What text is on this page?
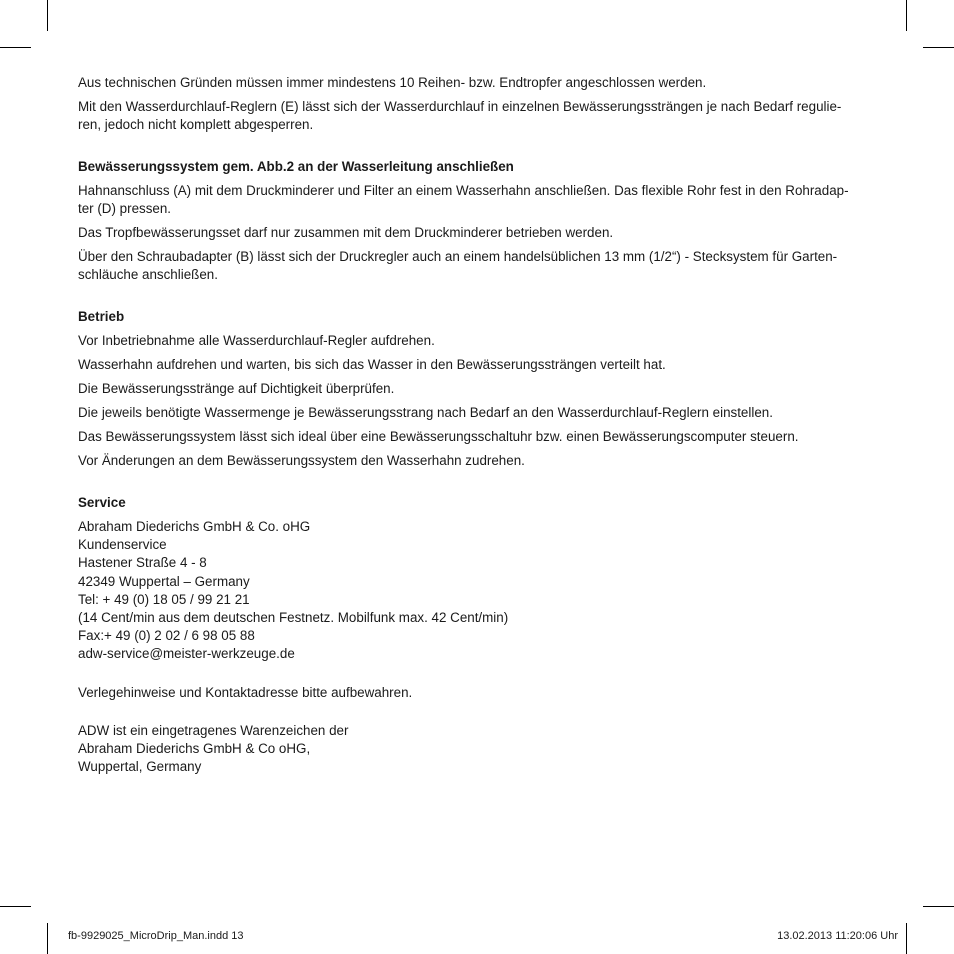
Aus technischen Gründen müssen immer mindestens 10 Reihen- bzw. Endtropfer angeschlossen werden.

Mit den Wasserdurchlauf-Reglern (E) lässt sich der Wasserdurchlauf in einzelnen Bewässerungssträngen je nach Bedarf regulie-
ren, jedoch nicht komplett abgesperren.

Bewässerungssystem gem. Abb.2 an der Wasserleitung anschließen

Hahnanschluss (A) mit dem Druckminderer und Filter an einem Wasserhahn anschließen. Das flexible Rohr fest in den Rohradap-
ter (D) pressen.

Das Tropfbewässerungsset darf nur zusammen mit dem Druckminderer betrieben werden.

Über den Schraubadapter (B) lässt sich der Druckregler auch an einem handelsüblichen 13 mm (1/2“) - Stecksystem für Garten-
schläuche anschließen.

Betrieb

Vor Inbetriebnahme alle Wasserdurchlauf-Regler aufdrehen.

Wasserhahn aufdrehen und warten, bis sich das Wasser in den Bewässerungssträngen verteilt hat.

Die Bewässerungsstränge auf Dichtigkeit überprüfen.

Die jeweils benötigte Wassermenge je Bewässerungsstrang nach Bedarf an den Wasserdurchlauf-Reglern einstellen.

Das Bewässerungssystem lässt sich ideal über eine Bewässerungsschaltuhr bzw. einen Bewässerungscomputer steuern.

Vor Änderungen an dem Bewässerungssystem den Wasserhahn zudrehen.

Service
Abraham Diederichs GmbH & Co. oHG
Kundenservice
Hastener Straße 4 - 8
42349 Wuppertal – Germany
Tel: + 49 (0) 18 05 / 99 21 21
(14 Cent/min aus dem deutschen Festnetz. Mobilfunk max. 42 Cent/min)
Fax:+ 49 (0) 2 02 / 6 98 05 88
adw-service@meister-werkzeuge.de
Verlegehinweise und Kontaktadresse bitte aufbewahren.
ADW ist ein eingetragenes Warenzeichen der
Abraham Diederichs GmbH & Co oHG,
Wuppertal, Germany
fb-9929025_MicroDrip_Man.indd 13	13.02.2013 11:20:06 Uhr
